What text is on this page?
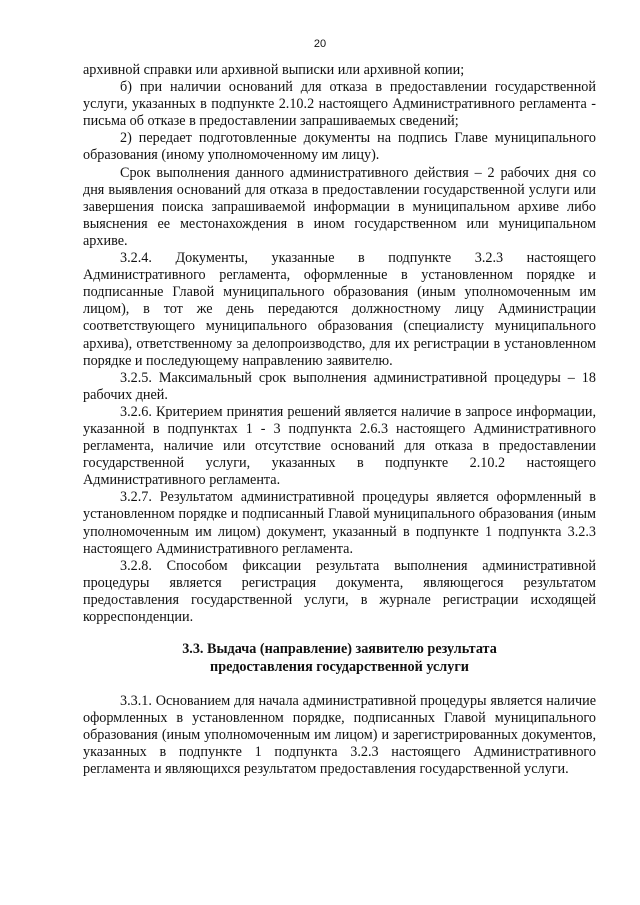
20

архивной справки или архивной выписки или архивной копии;

б) при наличии оснований для отказа в предоставлении государственной услуги, указанных в подпункте 2.10.2 настоящего Административного регламента - письма об отказе в предоставлении запрашиваемых сведений;

2) передает подготовленные документы на подпись Главе муниципального образования (иному уполномоченному им лицу).

Срок выполнения данного административного действия – 2 рабочих дня со дня выявления оснований для отказа в предоставлении государственной услуги или завершения поиска запрашиваемой информации в муниципальном архиве либо выяснения ее местонахождения в ином государственном или муниципальном архиве.

3.2.4. Документы, указанные в подпункте 3.2.3 настоящего Административного регламента, оформленные в установленном порядке и подписанные Главой муниципального образования (иным уполномоченным им лицом), в тот же день передаются должностному лицу Администрации соответствующего муниципального образования (специалисту муниципального архива), ответственному за делопроизводство, для их регистрации в установленном порядке и последующему направлению заявителю.

3.2.5. Максимальный срок выполнения административной процедуры – 18 рабочих дней.

3.2.6. Критерием принятия решений является наличие в запросе информации, указанной в подпунктах 1 - 3 подпункта 2.6.3 настоящего Административного регламента, наличие или отсутствие оснований для отказа в предоставлении государственной услуги, указанных в подпункте 2.10.2 настоящего Административного регламента.

3.2.7. Результатом административной процедуры является оформленный в установленном порядке и подписанный Главой муниципального образования (иным уполномоченным им лицом) документ, указанный в подпункте 1 подпункта 3.2.3 настоящего Административного регламента.

3.2.8. Способом фиксации результата выполнения административной процедуры является регистрация документа, являющегося результатом предоставления государственной услуги, в журнале регистрации исходящей корреспонденции.

3.3. Выдача (направление) заявителю результата
предоставления государственной услуги

3.3.1. Основанием для начала административной процедуры является наличие оформленных в установленном порядке, подписанных Главой муниципального образования (иным уполномоченным им лицом) и зарегистрированных документов, указанных в подпункте 1 подпункта 3.2.3 настоящего Административного регламента и являющихся результатом предоставления государственной услуги.
